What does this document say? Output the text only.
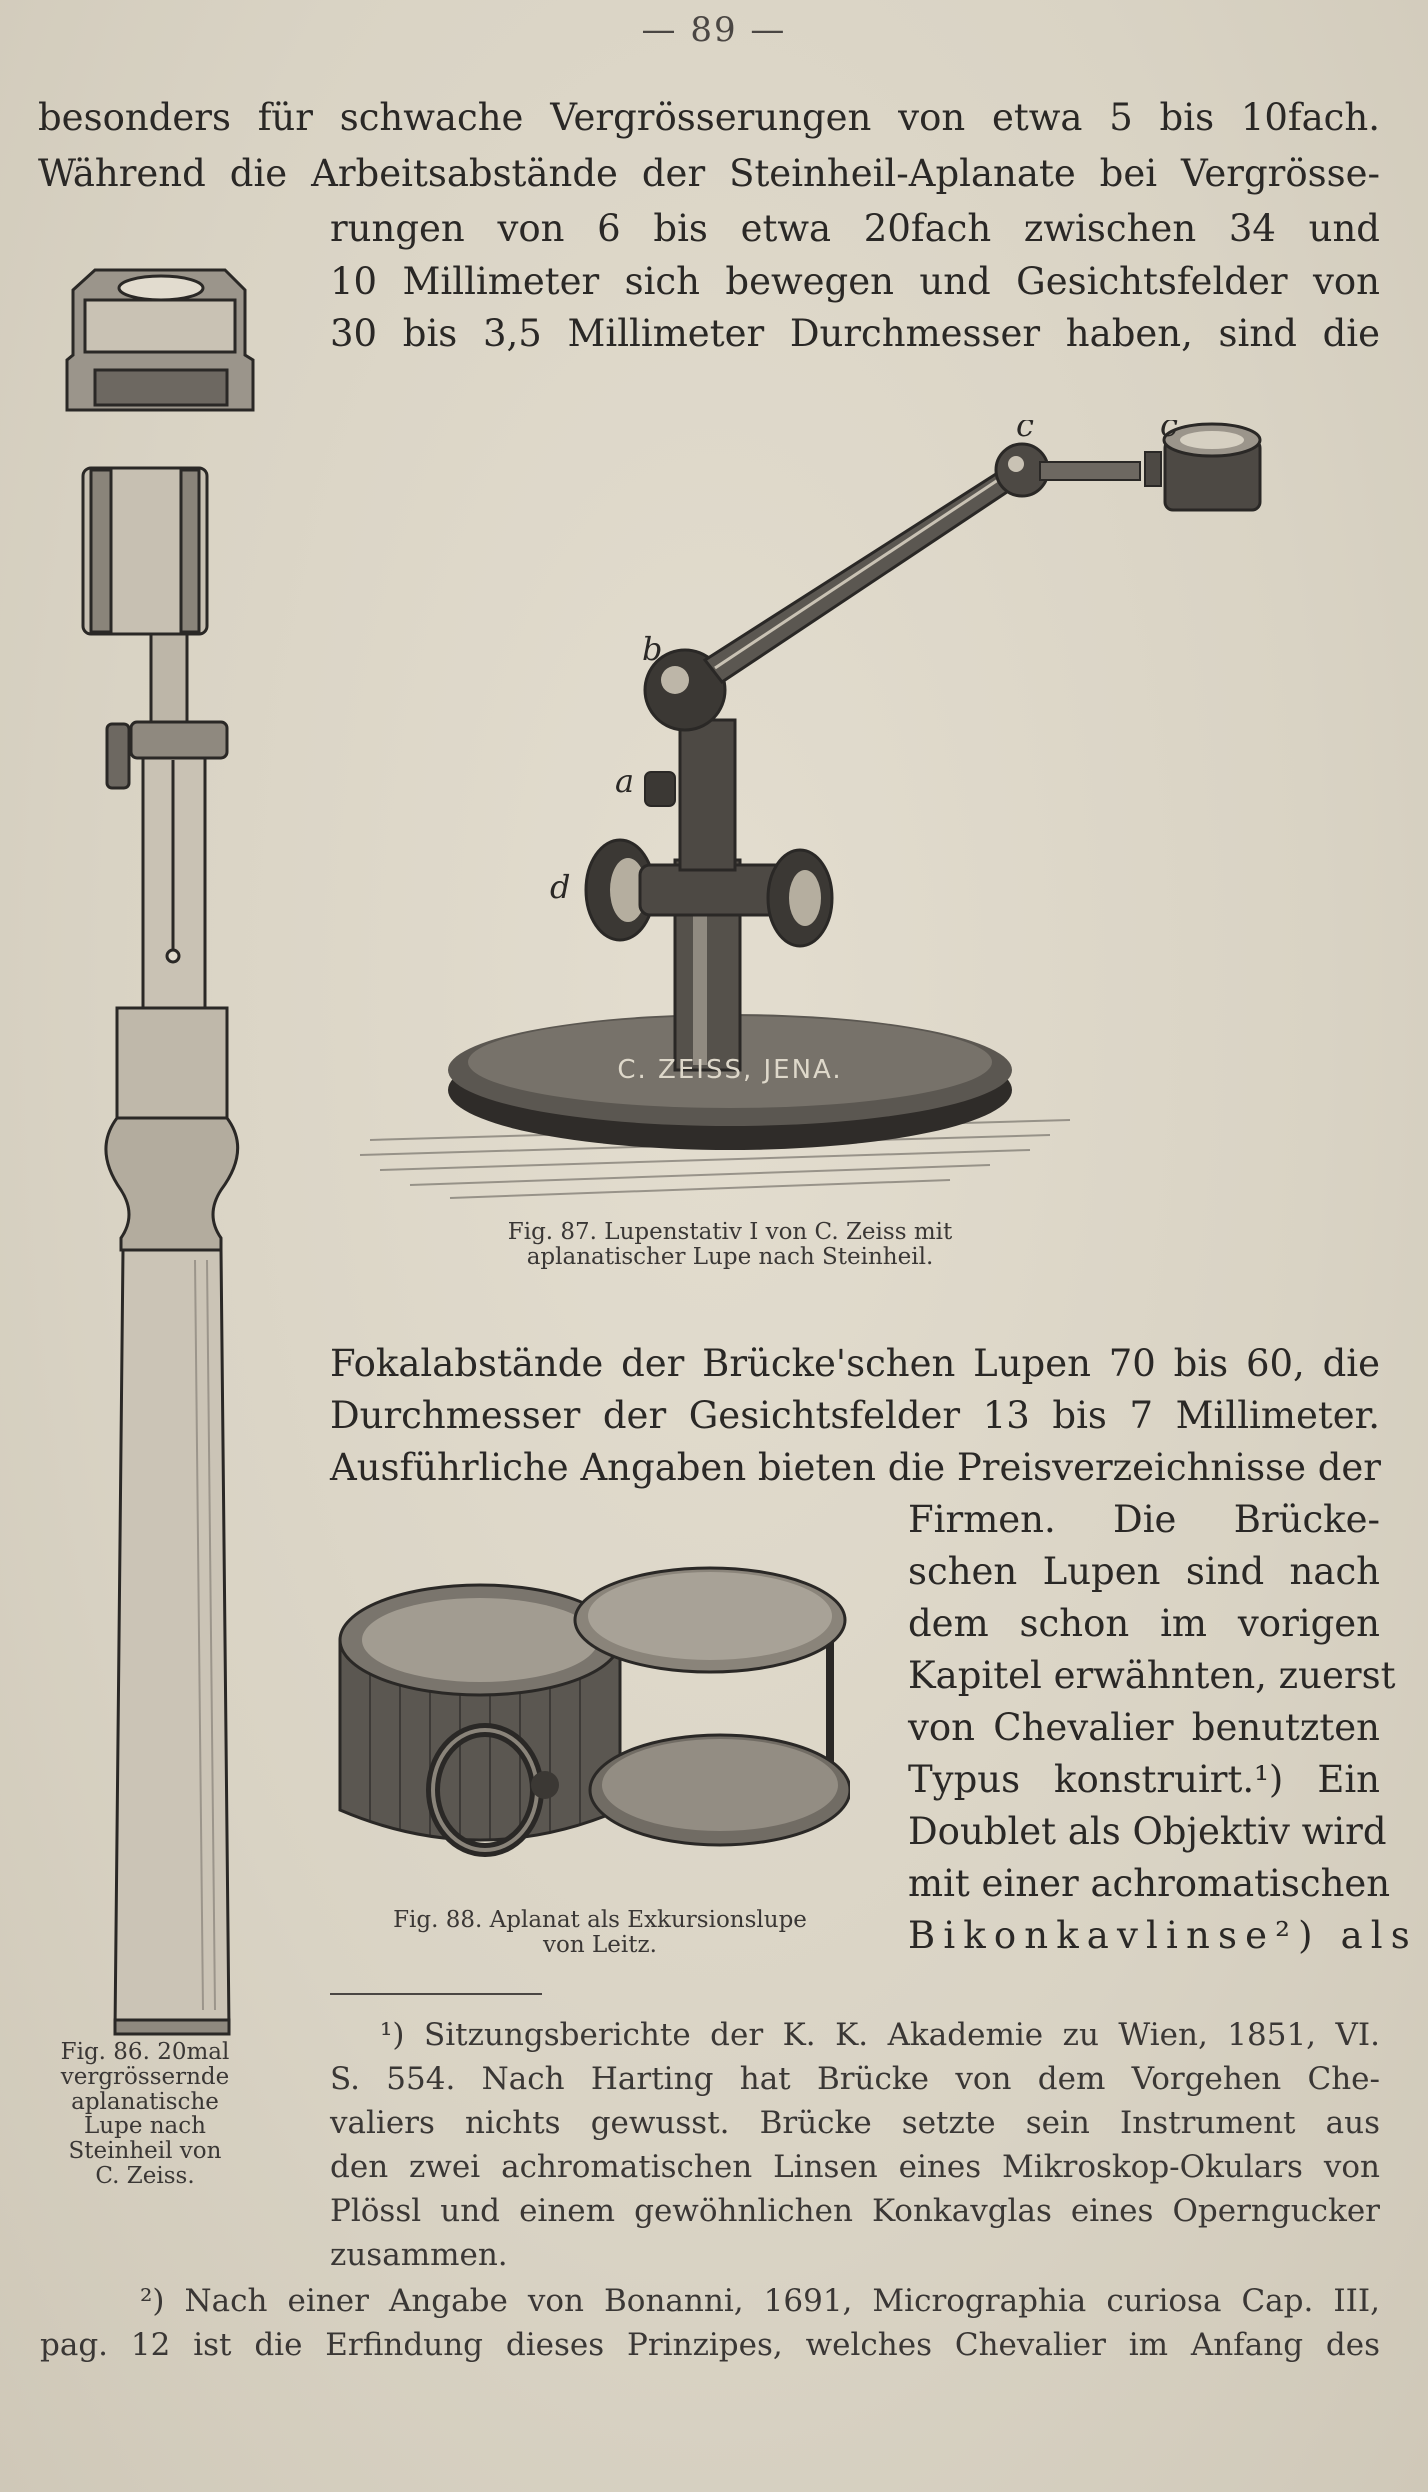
— 89 —
besonders für schwache Vergrösserungen von etwa 5 bis 10fach.
Während die Arbeitsabstände der Steinheil-Aplanate bei Vergrösse-
rungen von 6 bis etwa 20fach zwischen 34 und
10 Millimeter sich bewegen und Gesichtsfelder von
30 bis 3,5 Millimeter Durchmesser haben, sind die
C. ZEISS, JENA.
d
a
b
c	c
Fig. 87. Lupenstativ I von C. Zeiss mit
aplanatischer Lupe nach Steinheil.
Fokalabstände der Brücke'schen Lupen 70 bis 60, die
Durchmesser der Gesichtsfelder 13 bis 7 Millimeter.
Ausführliche Angaben bieten die Preisverzeichnisse der
Firmen. Die Brücke-
schen Lupen sind nach
dem schon im vorigen
Kapitel erwähnten, zuerst
von Chevalier benutzten
Typus konstruirt.¹) Ein
Doublet als Objektiv wird
mit einer achromatischen
Bikonkavlinse²) als
Fig. 88. Aplanat als Exkursionslupe
von Leitz.
Fig. 86. 20mal
vergrössernde
aplanatische
Lupe nach
Steinheil von
C. Zeiss.
¹) Sitzungsberichte der K. K. Akademie zu Wien, 1851, VI.
S. 554. Nach Harting hat Brücke von dem Vorgehen Che-
valiers nichts gewusst. Brücke setzte sein Instrument aus
den zwei achromatischen Linsen eines Mikroskop-Okulars von
Plössl und einem gewöhnlichen Konkavglas eines Operngucker
zusammen.
²) Nach einer Angabe von Bonanni, 1691, Micrographia curiosa Cap. III,
pag. 12 ist die Erfindung dieses Prinzipes, welches Chevalier im Anfang des
